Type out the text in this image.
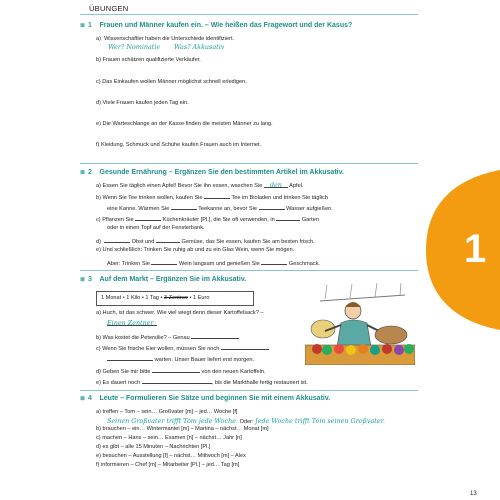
ÜBUNGEN
1
≣ 1 Frauen und Männer kaufen ein. – Wie heißen das Fragewort und der Kasus?
a) Wissenschaftler haben die Unterschiede identifiziert.
Wer? Nominativ Was? Akkusativ
b) Frauen schätzen qualifizierte Verkäufer.
c) Das Einkaufen wollen Männer möglichst schnell erledigen.
d) Viele Frauen kaufen jeden Tag ein.
e) Die Warteschlange an der Kasse finden die meisten Männer zu lang.
f) Kleidung, Schmuck und Schuhe kaufen Frauen auch im Internet.
≣ 2 Gesunde Ernährung – Ergänzen Sie den bestimmten Artikel im Akkusativ.
a) Essen Sie täglich einen Apfel! Bevor Sie ihn essen, waschen Sie den Apfel.
b) Wenn Sie Tee trinken wollen, kaufen Sie	Tee im Bioladen und trinken Sie täglich
eine Kanne. Wärmen Sie	Teekanne an, bevor Sie	Wasser aufgießen.
c) Pflanzen Sie	Küchenkräuter [Pl.], die Sie oft verwenden, in	Garten
oder in einen Topf auf der Fensterbank.
d)	Obst und	Gemüse, das Sie essen, kaufen Sie am besten frisch.
e) Und schließlich: Trinken Sie ruhig ab und zu ein Glas Wein, wenn Sie mögen.
Aber: Trinken Sie	Wein langsam und genießen Sie	Geschmack.
≣ 3 Auf dem Markt – Ergänzen Sie im Akkusativ.
1 Monat • 1 Kilo • 1 Tag • 3 Zentner • 1 Euro
a) Huch, ist das schwer. Wie viel wiegt denn dieser Kartoffelsack? –
Einen Zentner
b) Was kostet die Petersilie? – Genau
c) Wenn Sie frische Eier wollen, müssen Sie noch
warten. Unser Bauer liefert erst morgen.
d) Geben Sie mir bitte	von den neuen Kartoffeln.
e) Es dauert noch	, bis die Markthalle fertig restauriert ist.
≣ 4 Leute – Formulieren Sie Sätze und beginnen Sie mit einem Akkusativ.
a) treffen – Tom – sein… Großvater [m] – jed… Woche [f]
Seinen Großvater trifft Tom jede Woche. Oder: Jede Woche trifft Tom seinen Großvater.
b) brauchen – ein… Wintermantel [m] – Martina – nächst… Monat [m]
c) machen – Hans – sein… Examen [n] – nächst… Jahr [n]
d) es gibt – alle 15 Minuten – Nachrichten [Pl.]
e) besuchen – Ausstellung [f] – nächst… Mittwoch [m] – Alex
f) informieren – Chef [m] – Mitarbeiter [Pl.] – jed… Tag [m]
13
